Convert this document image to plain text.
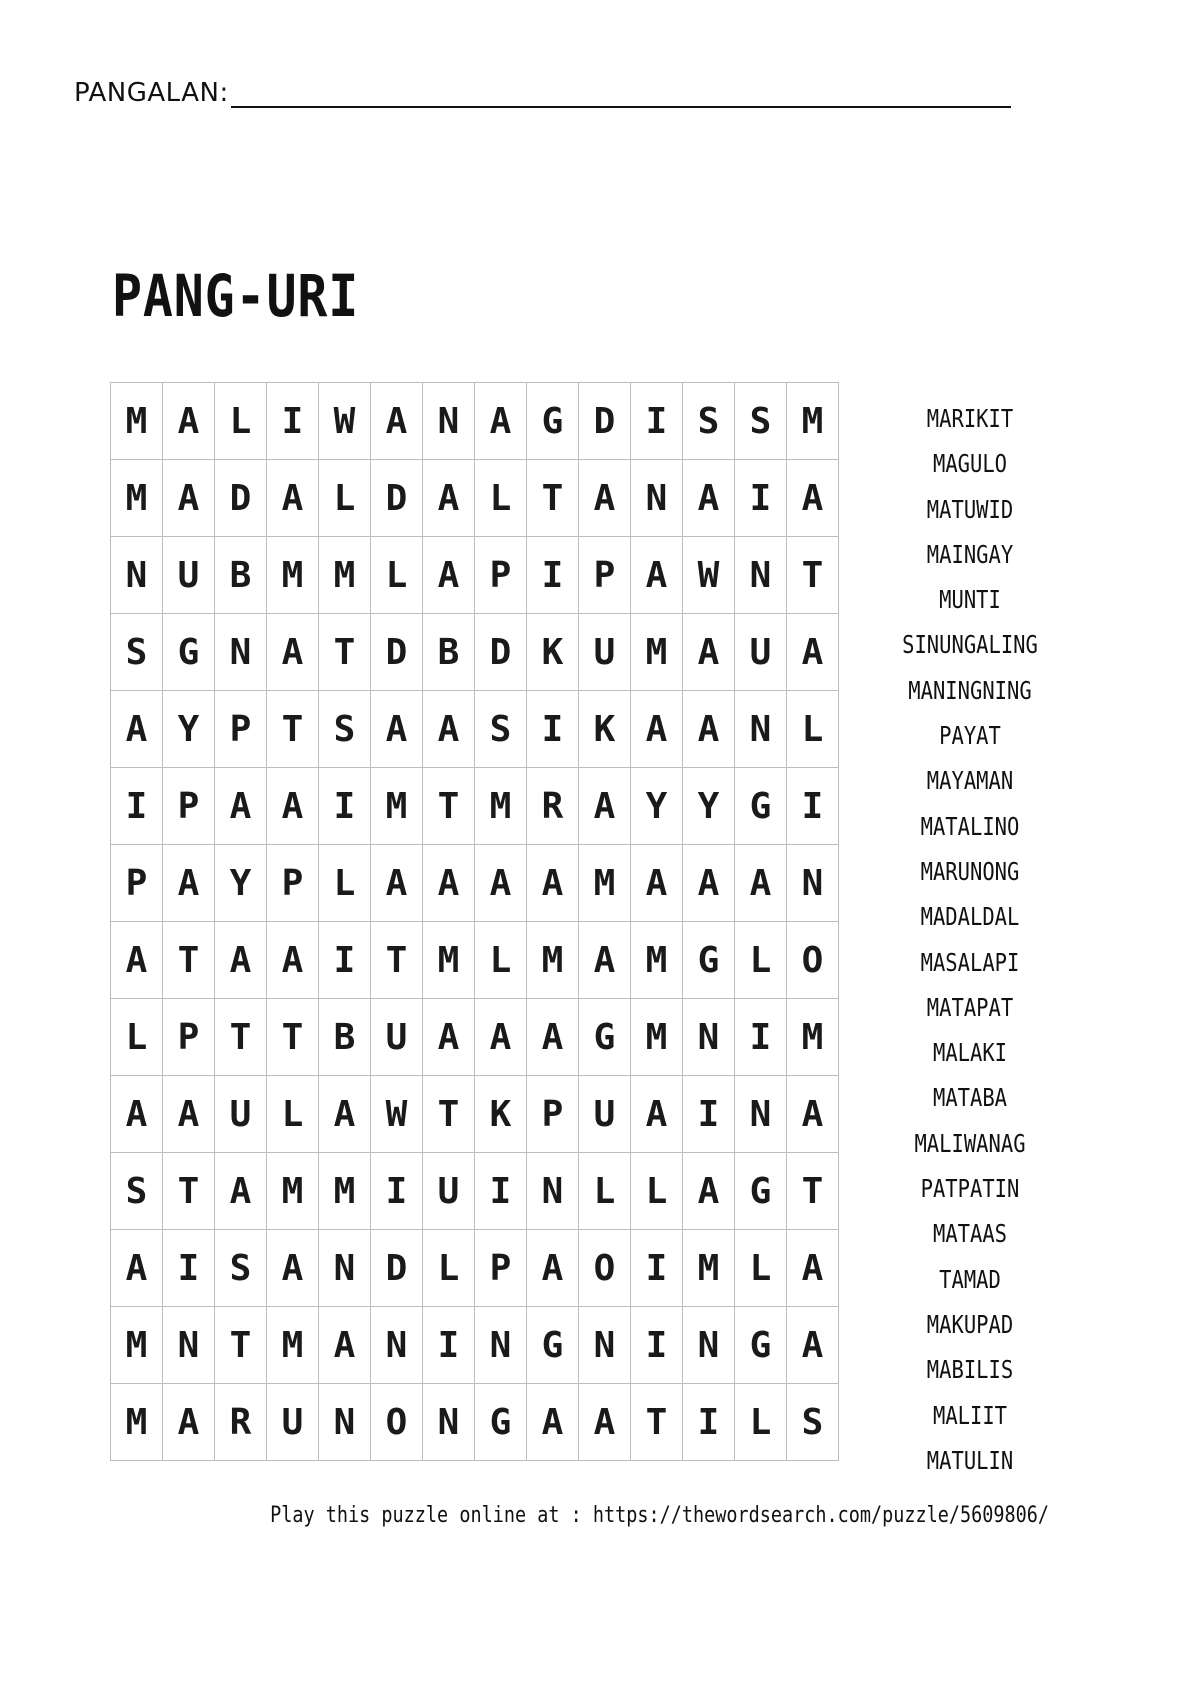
PANGALAN:
PANG-URI
M	A	L	I	W	A	N	A	G	D	I	S	S	M
M	A	D	A	L	D	A	L	T	A	N	A	I	A
N	U	B	M	M	L	A	P	I	P	A	W	N	T
S	G	N	A	T	D	B	D	K	U	M	A	U	A
A	Y	P	T	S	A	A	S	I	K	A	A	N	L
I	P	A	A	I	M	T	M	R	A	Y	Y	G	I
P	A	Y	P	L	A	A	A	A	M	A	A	A	N
A	T	A	A	I	T	M	L	M	A	M	G	L	O
L	P	T	T	B	U	A	A	A	G	M	N	I	M
A	A	U	L	A	W	T	K	P	U	A	I	N	A
S	T	A	M	M	I	U	I	N	L	L	A	G	T
A	I	S	A	N	D	L	P	A	O	I	M	L	A
M	N	T	M	A	N	I	N	G	N	I	N	G	A
M	A	R	U	N	O	N	G	A	A	T	I	L	S
MARIKIT
MAGULO
MATUWID
MAINGAY
MUNTI
SINUNGALING
MANINGNING
PAYAT
MAYAMAN
MATALINO
MARUNONG
MADALDAL
MASALAPI
MATAPAT
MALAKI
MATABA
MALIWANAG
PATPATIN
MATAAS
TAMAD
MAKUPAD
MABILIS
MALIIT
MATULIN
Play this puzzle online at : https://thewordsearch.com/puzzle/5609806/
